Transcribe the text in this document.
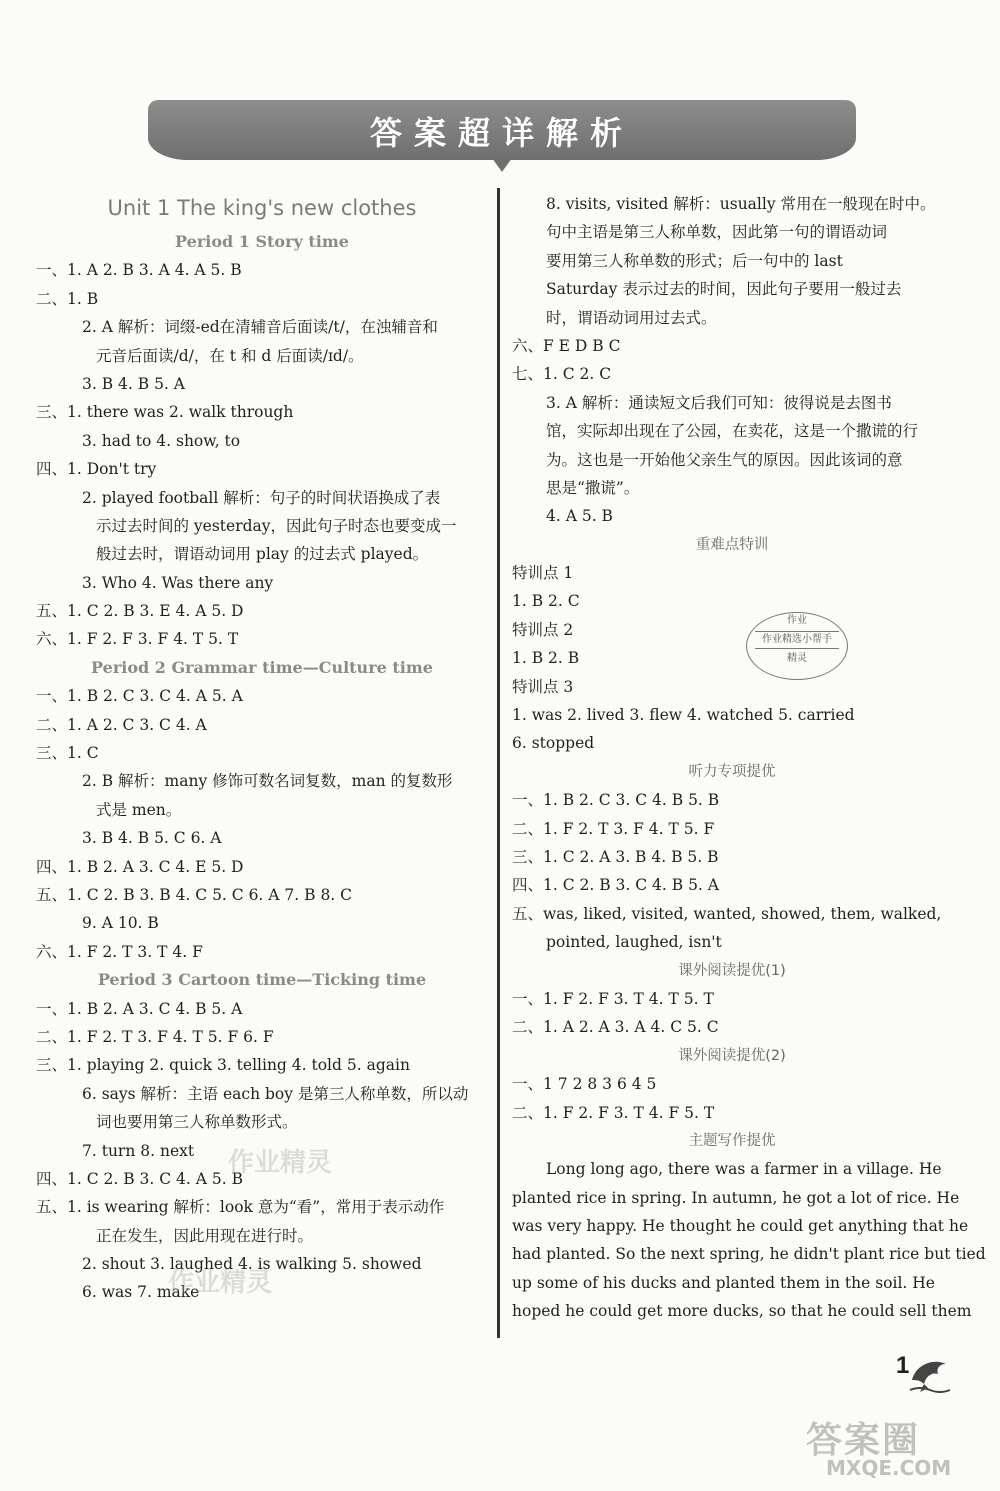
答案超详解析
Unit 1 The king's new clothes
Period 1 Story time
一、1. A 2. B 3. A 4. A 5. B
二、1. B
2. A 解析：词缀-ed在清辅音后面读/t/，在浊辅音和
元音后面读/d/，在 t 和 d 后面读/ɪd/。
3. B 4. B 5. A
三、1. there was 2. walk through
3. had to 4. show, to
四、1. Don't try
2. played football 解析：句子的时间状语换成了表
示过去时间的 yesterday，因此句子时态也要变成一
般过去时，谓语动词用 play 的过去式 played。
3. Who 4. Was there any
五、1. C 2. B 3. E 4. A 5. D
六、1. F 2. F 3. F 4. T 5. T
Period 2 Grammar time—Culture time
一、1. B 2. C 3. C 4. A 5. A
二、1. A 2. C 3. C 4. A
三、1. C
2. B 解析：many 修饰可数名词复数，man 的复数形
式是 men。
3. B 4. B 5. C 6. A
四、1. B 2. A 3. C 4. E 5. D
五、1. C 2. B 3. B 4. C 5. C 6. A 7. B 8. C
9. A 10. B
六、1. F 2. T 3. T 4. F
Period 3 Cartoon time—Ticking time
一、1. B 2. A 3. C 4. B 5. A
二、1. F 2. T 3. F 4. T 5. F 6. F
三、1. playing 2. quick 3. telling 4. told 5. again
6. says 解析：主语 each boy 是第三人称单数，所以动
词也要用第三人称单数形式。
7. turn 8. next
四、1. C 2. B 3. C 4. A 5. B
五、1. is wearing 解析：look 意为“看”，常用于表示动作
正在发生，因此用现在进行时。
2. shout 3. laughed 4. is walking 5. showed
6. was 7. make
8. visits, visited 解析：usually 常用在一般现在时中。
句中主语是第三人称单数，因此第一句的谓语动词
要用第三人称单数的形式；后一句中的 last
Saturday 表示过去的时间，因此句子要用一般过去
时，谓语动词用过去式。
六、F E D B C
七、1. C 2. C
3. A 解析：通读短文后我们可知：彼得说是去图书
馆，实际却出现在了公园，在卖花，这是一个撒谎的行
为。这也是一开始他父亲生气的原因。因此该词的意
思是“撒谎”。
4. A 5. B
重难点特训
特训点 1
1. B 2. C
特训点 2
1. B 2. B
特训点 3
1. was 2. lived 3. flew 4. watched 5. carried
6. stopped
听力专项提优
一、1. B 2. C 3. C 4. B 5. B
二、1. F 2. T 3. F 4. T 5. F
三、1. C 2. A 3. B 4. B 5. B
四、1. C 2. B 3. C 4. B 5. A
五、was, liked, visited, wanted, showed, them, walked,
pointed, laughed, isn't
课外阅读提优(1)
一、1. F 2. F 3. T 4. T 5. T
二、1. A 2. A 3. A 4. C 5. C
课外阅读提优(2)
一、1 7 2 8 3 6 4 5
二、1. F 2. F 3. T 4. F 5. T
主题写作提优
Long long ago, there was a farmer in a village. He
planted rice in spring. In autumn, he got a lot of rice. He
was very happy. He thought he could get anything that he
had planted. So the next spring, he didn't plant rice but tied
up some of his ducks and planted them in the soil. He
hoped he could get more ducks, so that he could sell them
作业
作业精选小帮手
精灵
作业精灵
作业精灵
1
答案圈
MXQE.COM
